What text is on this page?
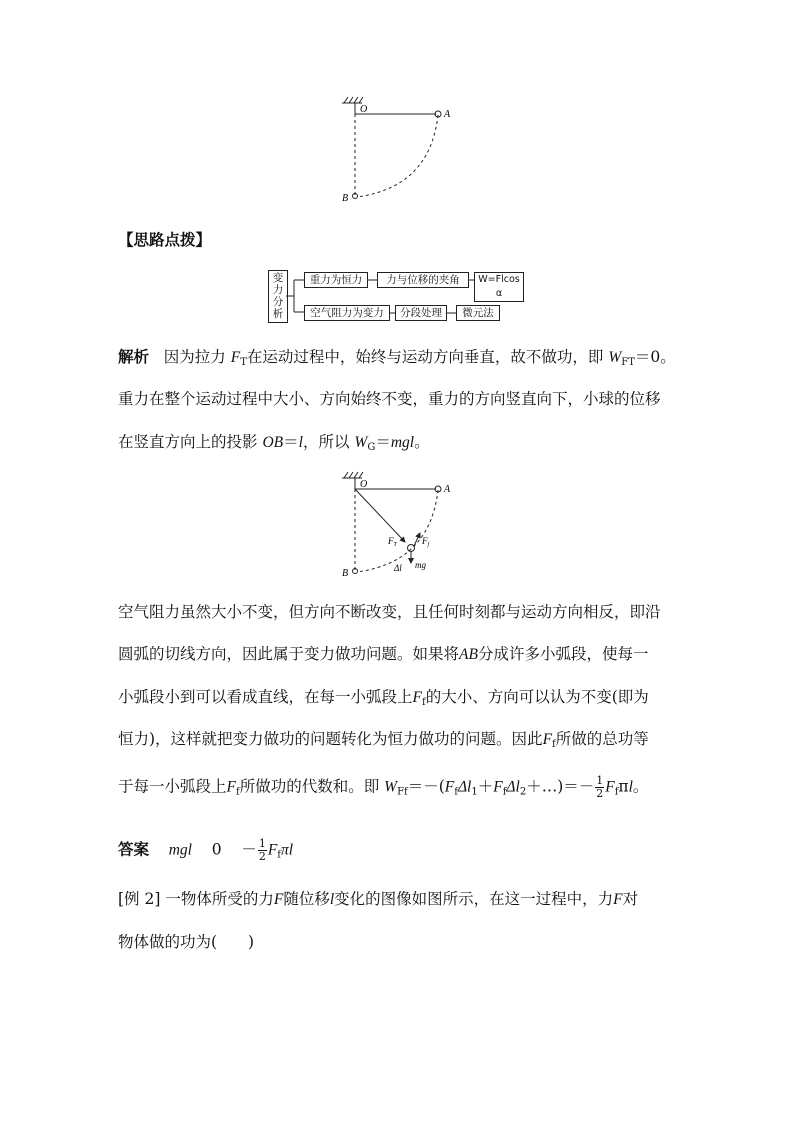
O	A
B
【思路点拨】
变力分析
重力为恒力	力与位移的夹角	W=Flcos α
空气阻力为变力	分段处理	微元法
解析 因为拉力 $F_T$在运动过程中，始终与运动方向垂直，故不做功，即 $W_{FT}=0$。
重力在整个运动过程中大小、方向始终不变，重力的方向竖直向下，小球的位移
在竖直方向上的投影 OB＝l，所以 $W_G=mgl$。
O	A
B
$F_T$	$F_f$
Δl mg
空气阻力虽然大小不变，但方向不断改变，且任何时刻都与运动方向相反，即沿
圆弧的切线方向，因此属于变力做功问题。如果将AB分成许多小弧段，使每一
小弧段小到可以看成直线，在每一小弧段上$F_f$的大小、方向可以认为不变(即为
恒力)，这样就把变力做功的问题转化为恒力做功的问题。因此$F_f$所做的总功等
于每一小弧段上$F_f$所做功的代数和。即 $W_{Ff}=-(F_f\Delta l_1+F_f\Delta l_2+\dots)=- \frac{1}{2} F_f\pi l$。
答案 mgl $0 - \frac{1}{2} F_f\pi l$
[例 2] 一物体所受的力F随位移l变化的图像如图所示，在这一过程中，力F对
物体做的功为(　　)
